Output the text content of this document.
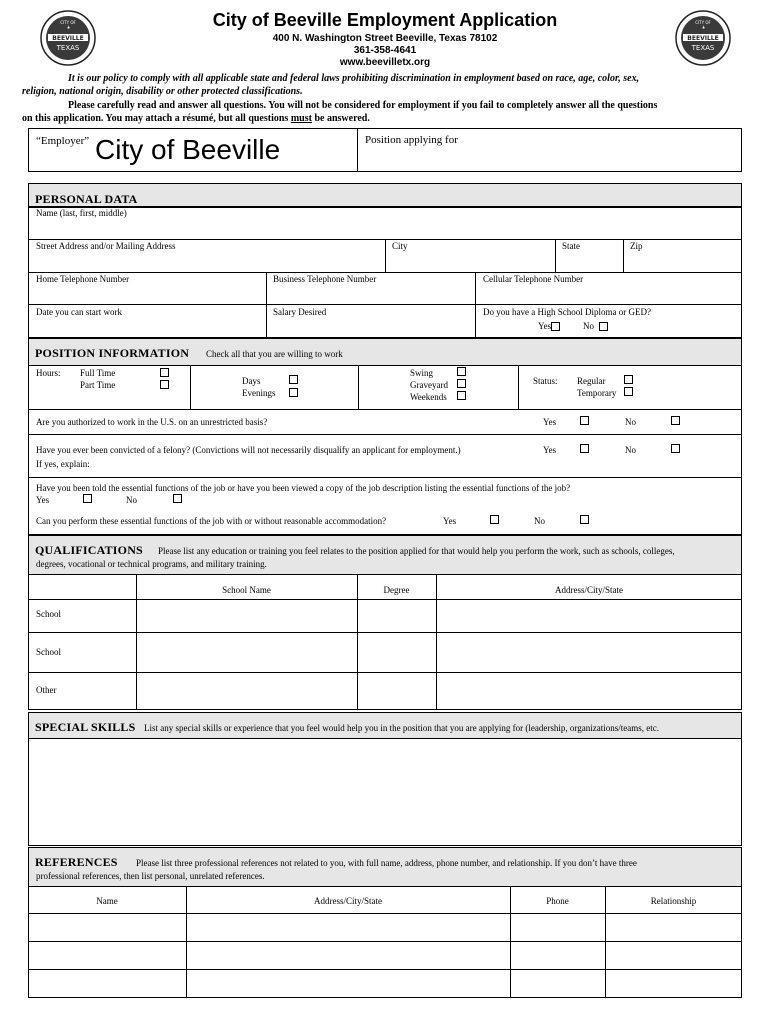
CITY OF
BEEVILLE
TEXAS
CITY OF
BEEVILLE
TEXAS
City of Beeville Employment Application
400 N. Washington Street Beeville, Texas 78102
361-358-4641
www.beevilletx.org
It is our policy to comply with all applicable state and federal laws prohibiting discrimination in employment based on race, age, color, sex,
religion, national origin, disability or other protected classifications.
Please carefully read and answer all questions. You will not be considered for employment if you fail to completely answer all the questions
on this application. You may attach a résumé, but all questions must be answered.
“Employer” City of Beeville	Position applying for
PERSONAL DATA
Name (last, first, middle)
Street Address and/or Mailing Address	City	State	Zip
Home Telephone Number	Business Telephone Number	Cellular Telephone Number
Date you can start work	Salary Desired	Do you have a High School Diploma or GED?
Yes	No
POSITION INFORMATION Check all that you are willing to work
Hours: Full Time
Part Time	Days
Evenings
Swing
Graveyard
Weekends
Status: Regular
Temporary
Are you authorized to work in the U.S. on an unrestricted basis?	Yes	No
Have you ever been convicted of a felony? (Convictions will not necessarily disqualify an applicant for employment.)
If yes, explain:
Yes	No
Have you been told the essential functions of the job or have you been viewed a copy of the job description listing the essential functions of the job?
Yes	No
Can you perform these essential functions of the job with or without reasonable accommodation?	Yes	No
QUALIFICATIONS Please list any education or training you feel relates to the position applied for that would help you perform the work, such as schools, colleges,
degrees, vocational or technical programs, and military training.
School Name	Degree	Address/City/State
School
School
Other
SPECIAL SKILLS List any special skills or experience that you feel would help you in the position that you are applying for (leadership, organizations/teams, etc.
REFERENCES Please list three professional references not related to you, with full name, address, phone number, and relationship. If you don’t have three
professional references, then list personal, unrelated references.
Name	Address/City/State	Phone	Relationship
